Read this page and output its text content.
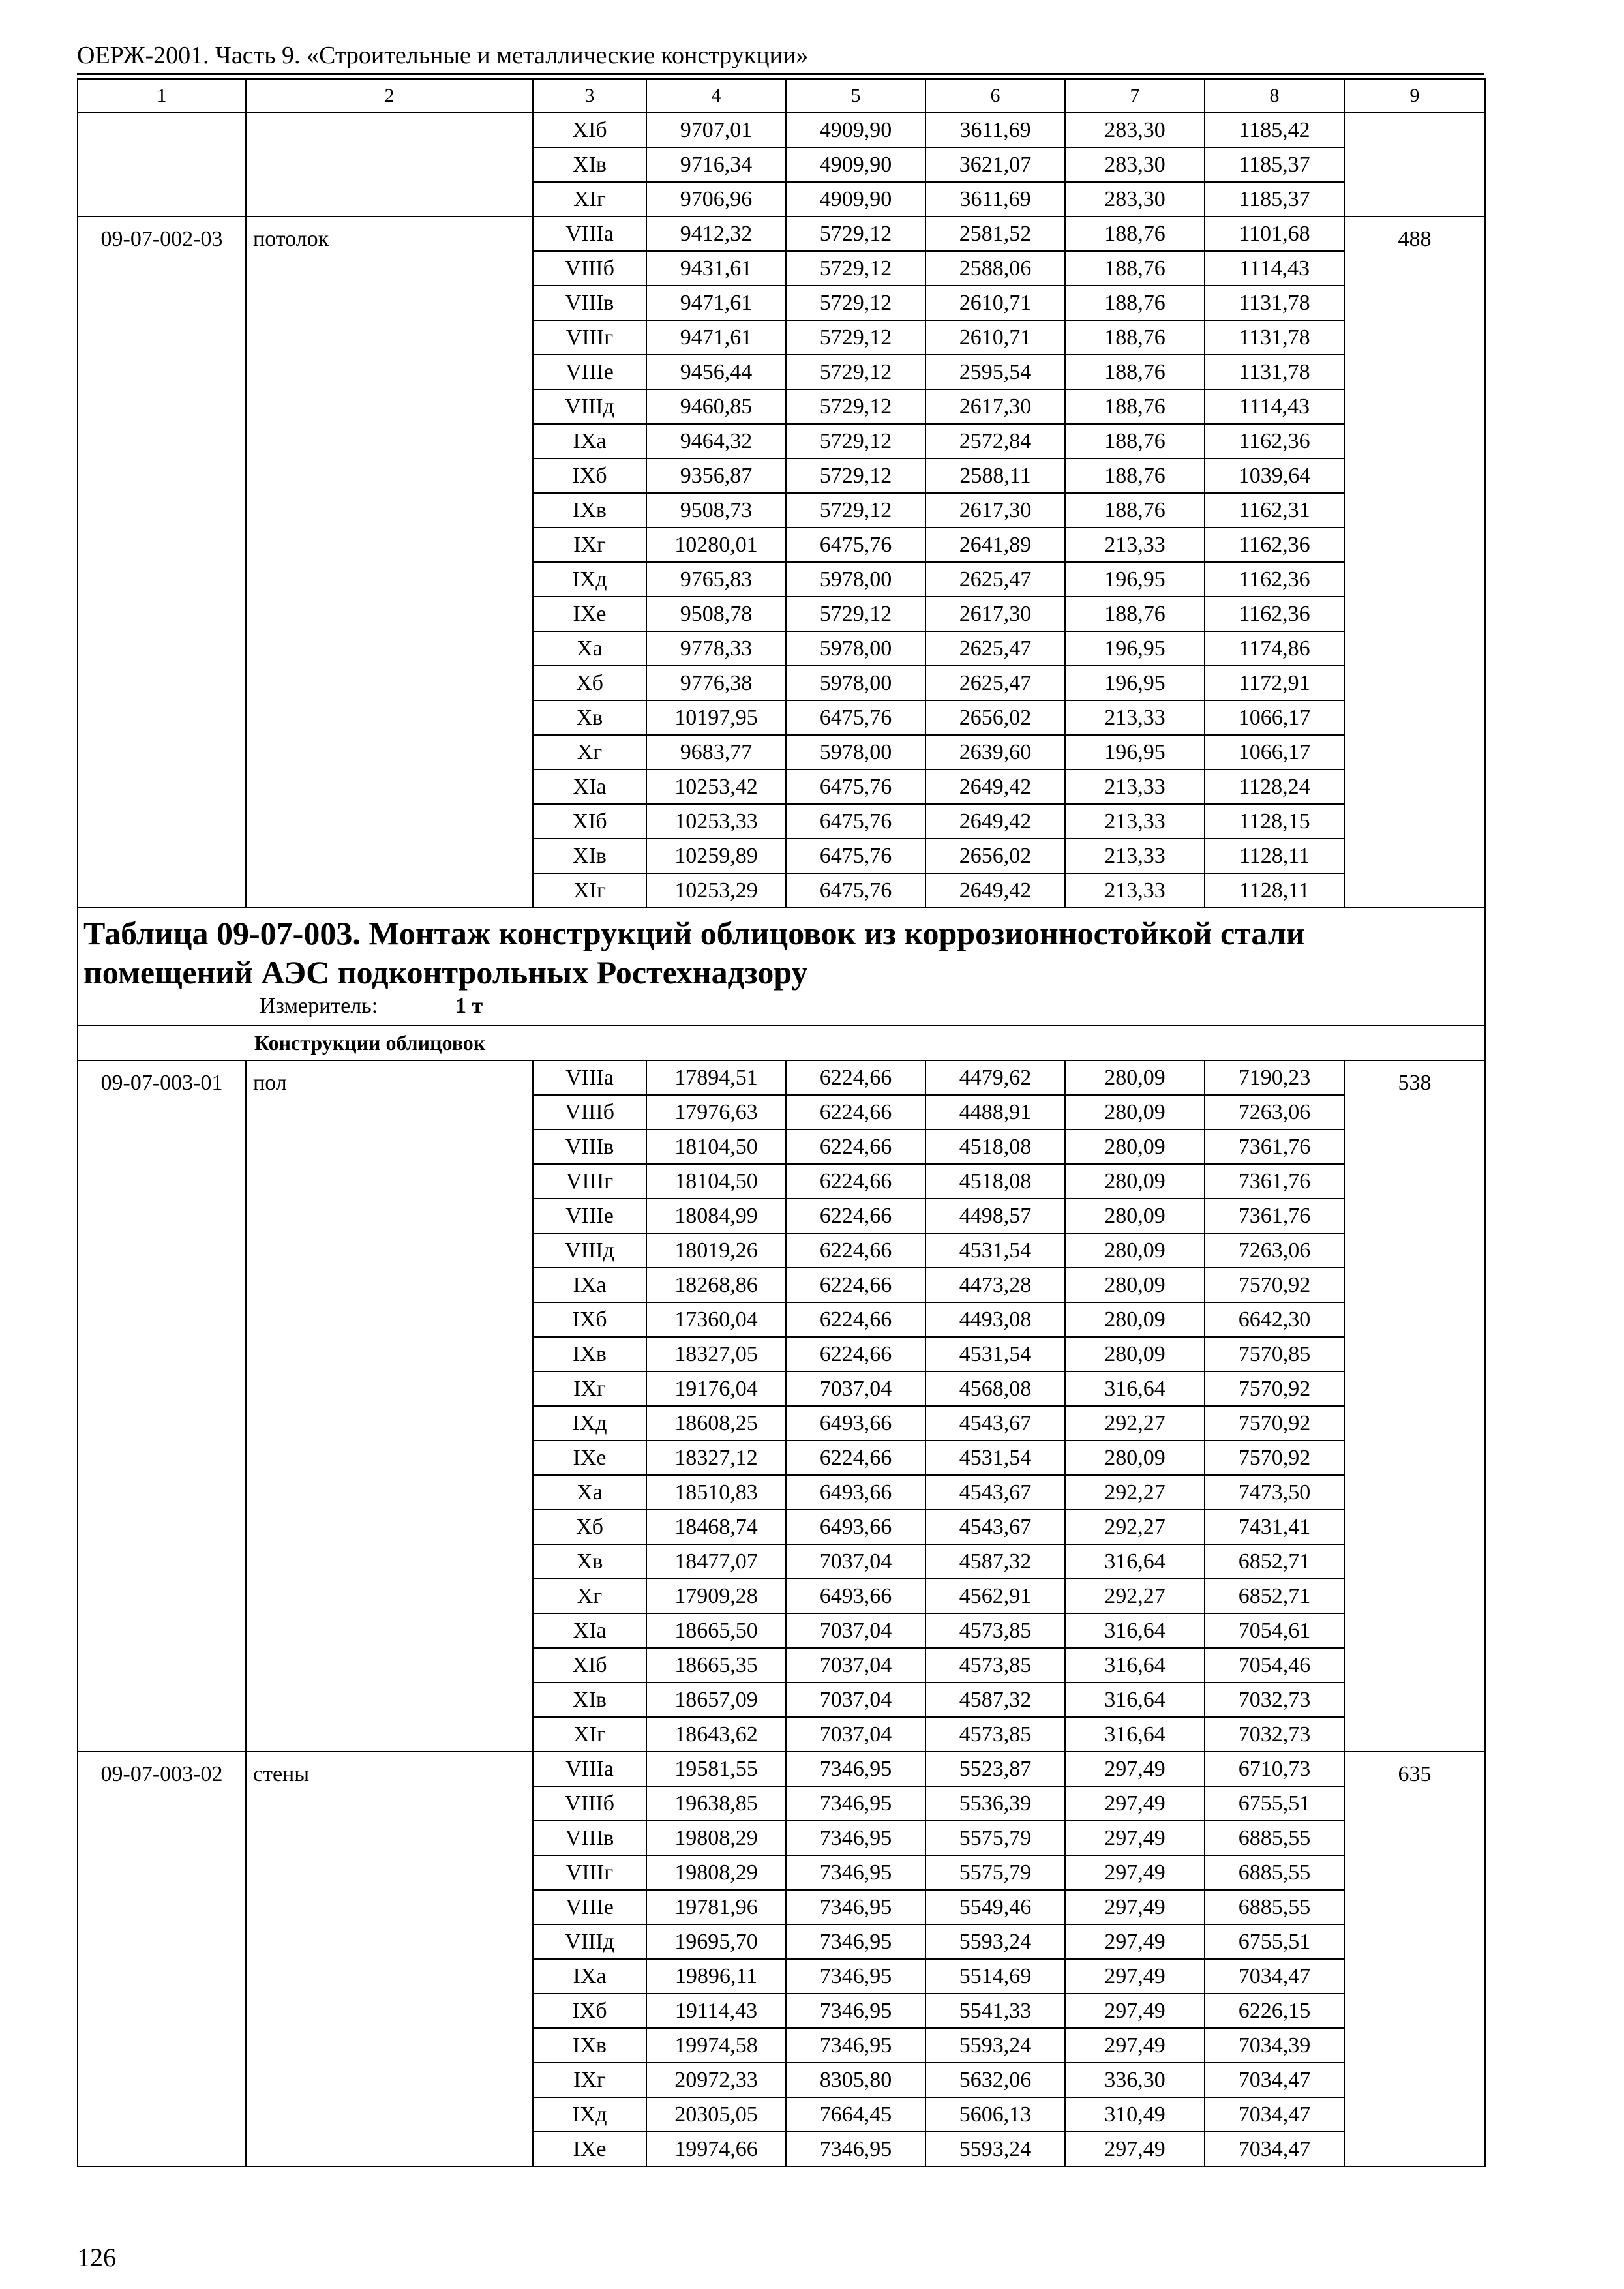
ОЕРЖ-2001. Часть 9. «Строительные и металлические конструкции»
1	2	3	4	5	6	7	8	9
		XIб	9707,01	4909,90	3611,69	283,30	1185,42	
		XIв	9716,34	4909,90	3621,07	283,30	1185,37	
		XIг	9706,96	4909,90	3611,69	283,30	1185,37	
09-07-002-03	потолок	VIIIа	9412,32	5729,12	2581,52	188,76	1101,68	488
		VIIIб	9431,61	5729,12	2588,06	188,76	1114,43	
		VIIIв	9471,61	5729,12	2610,71	188,76	1131,78	
		VIIIг	9471,61	5729,12	2610,71	188,76	1131,78	
		VIIIе	9456,44	5729,12	2595,54	188,76	1131,78	
		VIIIд	9460,85	5729,12	2617,30	188,76	1114,43	
		IXа	9464,32	5729,12	2572,84	188,76	1162,36	
		IXб	9356,87	5729,12	2588,11	188,76	1039,64	
		IXв	9508,73	5729,12	2617,30	188,76	1162,31	
		IXг	10280,01	6475,76	2641,89	213,33	1162,36	
		IXд	9765,83	5978,00	2625,47	196,95	1162,36	
		IXе	9508,78	5729,12	2617,30	188,76	1162,36	
		Xа	9778,33	5978,00	2625,47	196,95	1174,86	
		Xб	9776,38	5978,00	2625,47	196,95	1172,91	
		Xв	10197,95	6475,76	2656,02	213,33	1066,17	
		Xг	9683,77	5978,00	2639,60	196,95	1066,17	
		XIа	10253,42	6475,76	2649,42	213,33	1128,24	
		XIб	10253,33	6475,76	2649,42	213,33	1128,15	
		XIв	10259,89	6475,76	2656,02	213,33	1128,11	
		XIг	10253,29	6475,76	2649,42	213,33	1128,11	

Таблица 09-07-003. Монтаж конструкций облицовок из коррозионностойкой стали помещений АЭС подконтрольных Ростехнадзору
Измеритель: 1 т								

Конструкции облицовок								
09-07-003-01	пол	VIIIа	17894,51	6224,66	4479,62	280,09	7190,23	538
		VIIIб	17976,63	6224,66	4488,91	280,09	7263,06	
		VIIIв	18104,50	6224,66	4518,08	280,09	7361,76	
		VIIIг	18104,50	6224,66	4518,08	280,09	7361,76	
		VIIIе	18084,99	6224,66	4498,57	280,09	7361,76	
		VIIIд	18019,26	6224,66	4531,54	280,09	7263,06	
		IXа	18268,86	6224,66	4473,28	280,09	7570,92	
		IXб	17360,04	6224,66	4493,08	280,09	6642,30	
		IXв	18327,05	6224,66	4531,54	280,09	7570,85	
		IXг	19176,04	7037,04	4568,08	316,64	7570,92	
		IXд	18608,25	6493,66	4543,67	292,27	7570,92	
		IXе	18327,12	6224,66	4531,54	280,09	7570,92	
		Xа	18510,83	6493,66	4543,67	292,27	7473,50	
		Xб	18468,74	6493,66	4543,67	292,27	7431,41	
		Xв	18477,07	7037,04	4587,32	316,64	6852,71	
		Xг	17909,28	6493,66	4562,91	292,27	6852,71	
		XIа	18665,50	7037,04	4573,85	316,64	7054,61	
		XIб	18665,35	7037,04	4573,85	316,64	7054,46	
		XIв	18657,09	7037,04	4587,32	316,64	7032,73	
		XIг	18643,62	7037,04	4573,85	316,64	7032,73	
09-07-003-02	стены	VIIIа	19581,55	7346,95	5523,87	297,49	6710,73	635
		VIIIб	19638,85	7346,95	5536,39	297,49	6755,51	
		VIIIв	19808,29	7346,95	5575,79	297,49	6885,55	
		VIIIг	19808,29	7346,95	5575,79	297,49	6885,55	
		VIIIе	19781,96	7346,95	5549,46	297,49	6885,55	
		VIIIд	19695,70	7346,95	5593,24	297,49	6755,51	
		IXа	19896,11	7346,95	5514,69	297,49	7034,47	
		IXб	19114,43	7346,95	5541,33	297,49	6226,15	
		IXв	19974,58	7346,95	5593,24	297,49	7034,39	
		IXг	20972,33	8305,80	5632,06	336,30	7034,47	
		IXд	20305,05	7664,45	5606,13	310,49	7034,47	
		IXе	19974,66	7346,95	5593,24	297,49	7034,47	
126
